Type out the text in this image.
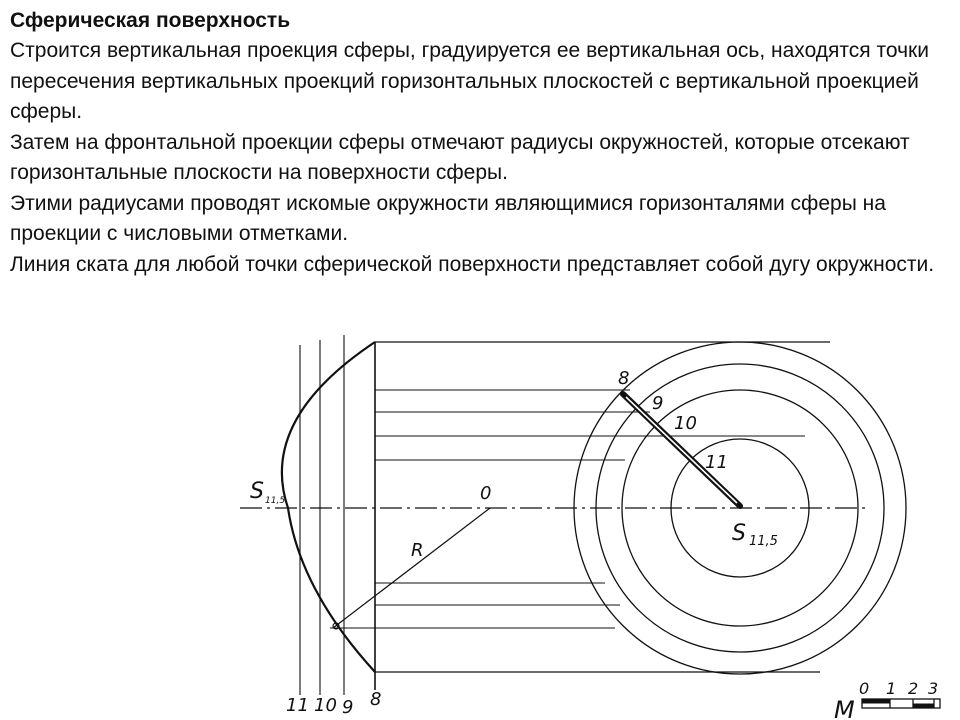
Сферическая поверхность

Строится вертикальная проекция сферы, градуируется ее вертикальная ось, находятся точки пересечения вертикальных проекций горизонтальных плоскостей с вертикальной проекцией сферы.

Затем на фронтальной проекции сферы отмечают радиусы окружностей, которые отсекают горизонтальные плоскости на поверхности сферы.

Этими радиусами проводят искомые окружности являющимися горизонталями сферы на проекции с числовыми отметками.

Линия ската для любой точки сферической поверхности представляет собой дугу окружности.

S 11,5	0
R
11 10 9 8
8
9
10
11
S 11,5
M
0 1 2 3
